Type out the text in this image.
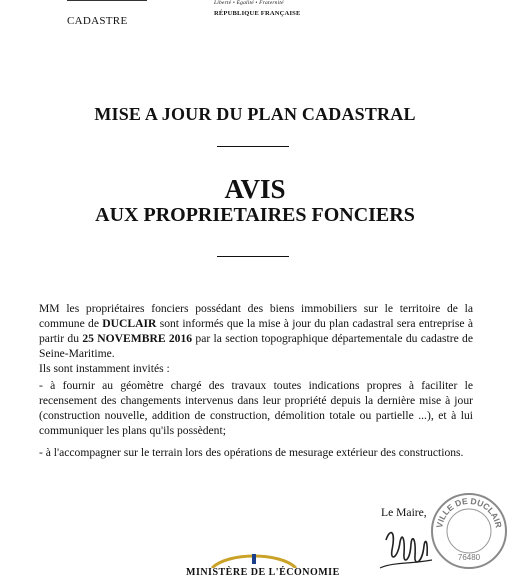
CADASTRE
Liberté • Égalité • Fraternité
RÉPUBLIQUE FRANÇAISE
MISE A JOUR DU PLAN CADASTRAL
AVIS
AUX PROPRIETAIRES FONCIERS
MM les propriétaires fonciers possédant des biens immobiliers sur le territoire de la commune de DUCLAIR sont informés que la mise à jour du plan cadastral sera entreprise à partir du 25 NOVEMBRE 2016 par la section topographique départementale du cadastre de Seine-Maritime.
Ils sont instamment invités :
- à fournir au géomètre chargé des travaux toutes indications propres à faciliter le recensement des changements intervenus dans leur propriété depuis la dernière mise à jour (construction nouvelle, addition de construction, démolition totale ou partielle ...), et à lui communiquer les plans qu'ils possèdent;
- à l'accompagner sur le terrain lors des opérations de mesurage extérieur des constructions.
Le Maire,
VILLE DE DUCLAIR
76480
MINISTÈRE DE L'ÉCONOMIE
